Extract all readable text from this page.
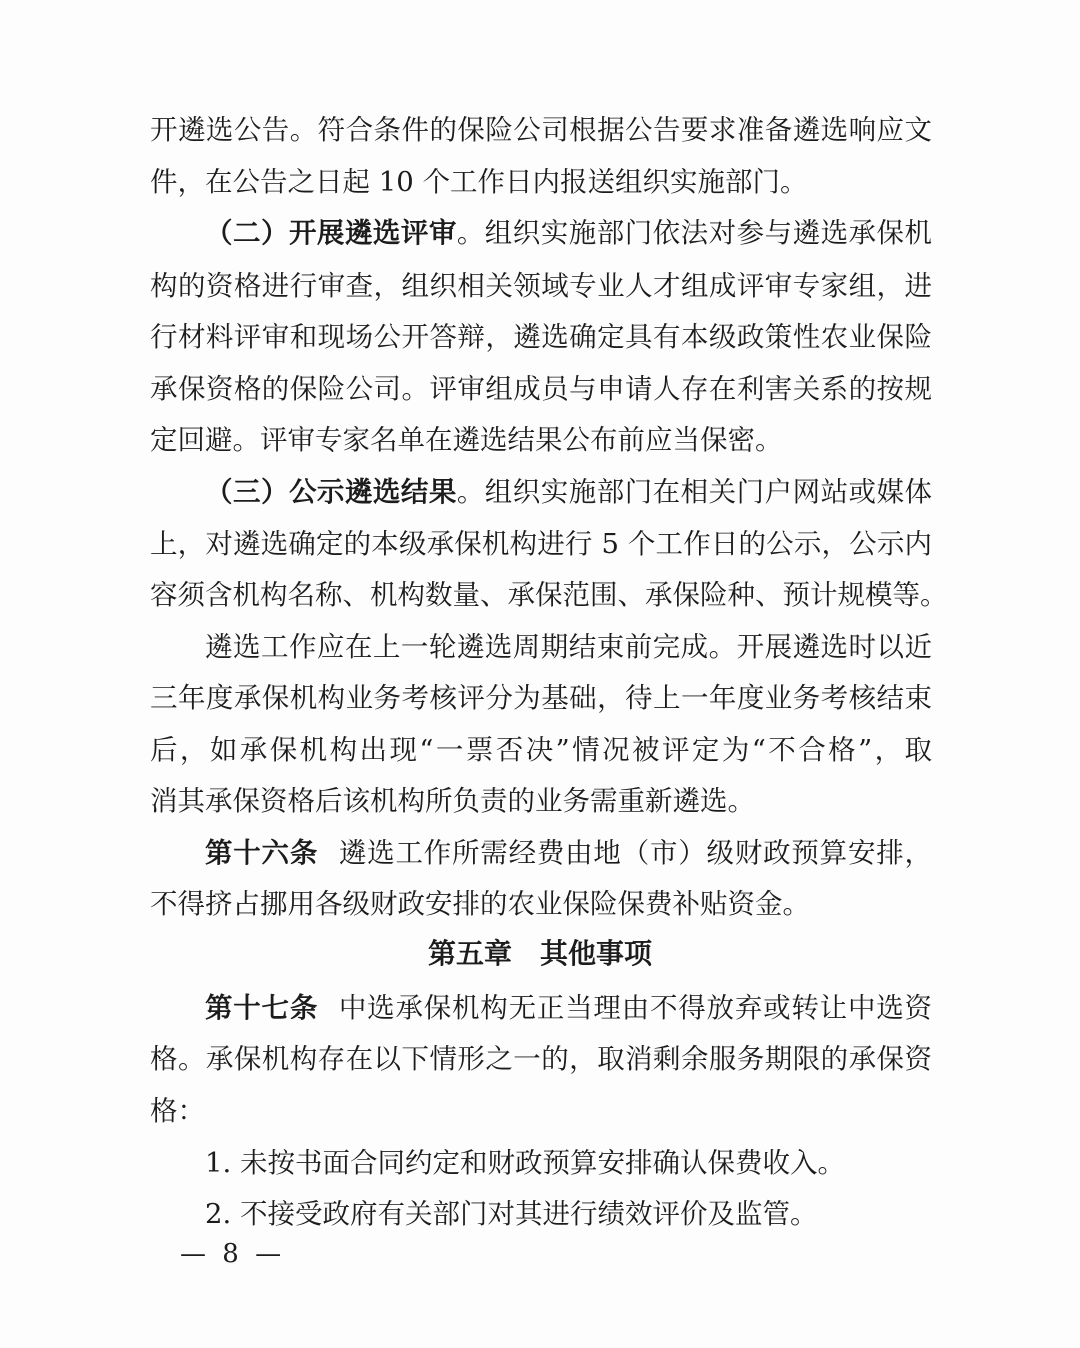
开遴选公告。符合条件的保险公司根据公告要求准备遴选响应文

件，在公告之日起 10 个工作日内报送组织实施部门。

（二）开展遴选评审。组织实施部门依法对参与遴选承保机

构的资格进行审查，组织相关领域专业人才组成评审专家组，进

行材料评审和现场公开答辩，遴选确定具有本级政策性农业保险

承保资格的保险公司。评审组成员与申请人存在利害关系的按规

定回避。评审专家名单在遴选结果公布前应当保密。

（三）公示遴选结果。组织实施部门在相关门户网站或媒体

上，对遴选确定的本级承保机构进行 5 个工作日的公示，公示内

容须含机构名称、机构数量、承保范围、承保险种、预计规模等。

遴选工作应在上一轮遴选周期结束前完成。开展遴选时以近

三年度承保机构业务考核评分为基础，待上一年度业务考核结束

后，如承保机构出现“一票否决”情况被评定为“不合格”，取

消其承保资格后该机构所负责的业务需重新遴选。

第十六条 遴选工作所需经费由地（市）级财政预算安排，

不得挤占挪用各级财政安排的农业保险保费补贴资金。

第五章 其他事项

第十七条 中选承保机构无正当理由不得放弃或转让中选资

格。承保机构存在以下情形之一的，取消剩余服务期限的承保资

格：

1. 未按书面合同约定和财政预算安排确认保费收入。

2. 不接受政府有关部门对其进行绩效评价及监管。

— 8 —
